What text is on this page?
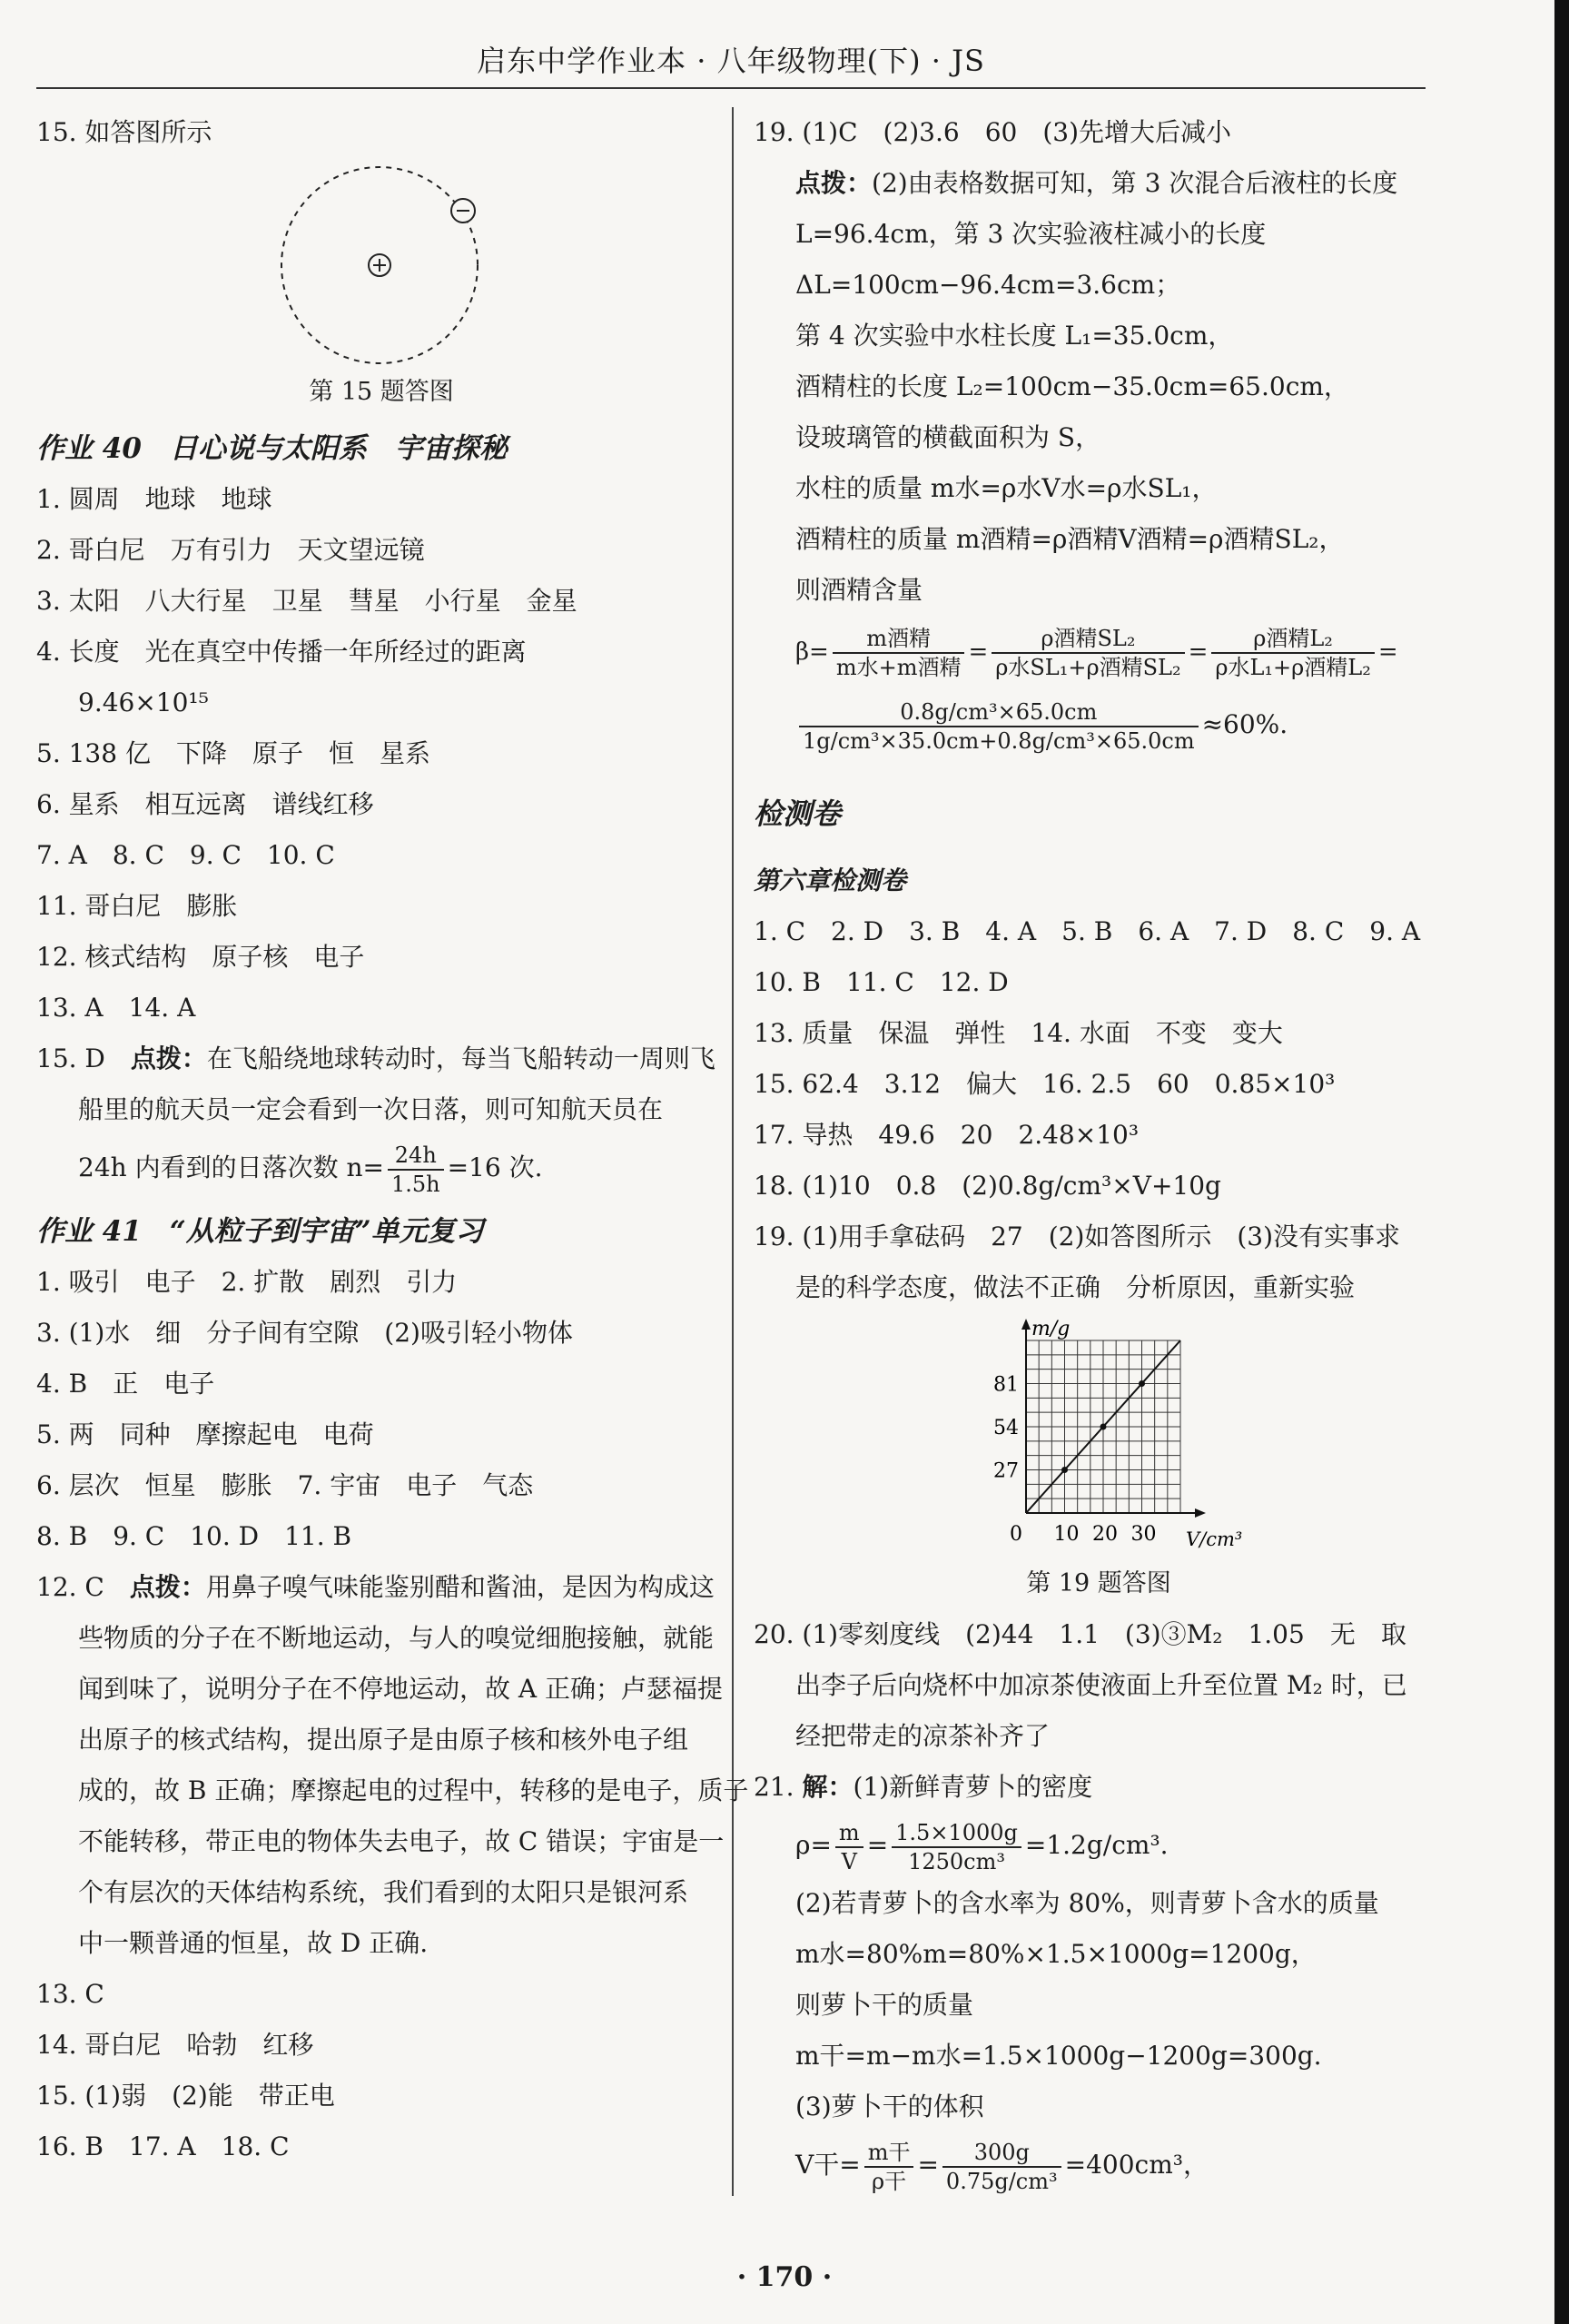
启东中学作业本 · 八年级物理(下) · JS
15. 如答图所示
第 15 题答图
作业 40　日心说与太阳系　宇宙探秘
1. 圆周　地球　地球
2. 哥白尼　万有引力　天文望远镜
3. 太阳　八大行星　卫星　彗星　小行星　金星
4. 长度　光在真空中传播一年所经过的距离
9.46×10¹⁵
5. 138 亿　下降　原子　恒　星系
6. 星系　相互远离　谱线红移
7. A　8. C　9. C　10. C
11. 哥白尼　膨胀
12. 核式结构　原子核　电子
13. A　14. A
15. D　 点拨：在飞船绕地球转动时，每当飞船转动一周则飞
船里的航天员一定会看到一次日落，则可知航天员在
24h 内看到的日落次数 $n= \frac{24h}{1.5h} =16$ 次.
作业 41　“从粒子到宇宙”单元复习
1. 吸引　电子　2. 扩散　剧烈　引力
3. (1)水　细　分子间有空隙　(2)吸引轻小物体
4. B　正　电子
5. 两　同种　摩擦起电　电荷
6. 层次　恒星　膨胀　7. 宇宙　电子　气态
8. B　9. C　10. D　11. B
12. C　 点拨：用鼻子嗅气味能鉴别醋和酱油，是因为构成这
些物质的分子在不断地运动，与人的嗅觉细胞接触，就能
闻到味了，说明分子在不停地运动，故 A 正确；卢瑟福提
出原子的核式结构，提出原子是由原子核和核外电子组
成的，故 B 正确；摩擦起电的过程中，转移的是电子，质子
不能转移，带正电的物体失去电子，故 C 错误；宇宙是一
个有层次的天体结构系统，我们看到的太阳只是银河系
中一颗普通的恒星，故 D 正确.
13. C
14. 哥白尼　哈勃　红移
15. (1)弱　(2)能　带正电
16. B　17. A　18. C
19. (1)C　(2)3.6　60　(3)先增大后减小
点拨：(2)由表格数据可知，第 3 次混合后液柱的长度
L=96.4cm，第 3 次实验液柱减小的长度
ΔL=100cm−96.4cm=3.6cm；
第 4 次实验中水柱长度 L₁=35.0cm，
酒精柱的长度 L₂=100cm−35.0cm=65.0cm，
设玻璃管的横截面积为 S，
水柱的质量 m水=ρ水V水=ρ水SL₁，
酒精柱的质量 m酒精=ρ酒精V酒精=ρ酒精SL₂，
则酒精含量
$\beta= \frac{\text{m酒精}}{\text{m水+m酒精}} = \frac{\text{ρ酒精SL₂}}{\text{ρ水SL₁+ρ酒精SL₂}} = \frac{\text{ρ酒精L₂}}{\text{ρ水L₁+ρ酒精L₂}}$ =
$\frac{\text{0.8g/cm³×65.0cm}}{\text{1g/cm³×35.0cm+0.8g/cm³×65.0cm}} \approx 60\%$.
检测卷
第六章检测卷
1. C　2. D　3. B　4. A　5. B　6. A　7. D　8. C　9. A
10. B　11. C　12. D
13. 质量　保温　弹性　14. 水面　不变　变大
15. 62.4　3.12　偏大　16. 2.5　60　0.85×10³
17. 导热　49.6　20　2.48×10³
18. (1)10　0.8　(2)0.8g/cm³×V+10g
19. (1)用手拿砝码　27　(2)如答图所示　(3)没有实事求
是的科学态度，做法不正确　分析原因，重新实验
m/g
V/cm³
0 10 20 30
27
54
81
第 19 题答图
20. (1)零刻度线　(2)44　1.1　(3)③M₂　1.05　无　取
出李子后向烧杯中加凉茶使液面上升至位置 M₂ 时，已
经把带走的凉茶补齐了
21. 解：(1)新鲜青萝卜的密度
$\rho= \frac{m}{V} = \frac{1.5\times 1000g}{\text{1250cm³}} =1.2g/cm^3$.
(2)若青萝卜的含水率为 80%，则青萝卜含水的质量
m水=80%m=80%×1.5×1000g=1200g，
则萝卜干的质量
m干=m−m水=1.5×1000g−1200g=300g.
(3)萝卜干的体积
V干= $\frac{\text{m干}}{\text{ρ干}} = \frac{300g}{\text{0.75g/cm³}} =400cm^3$，
· 170 ·
